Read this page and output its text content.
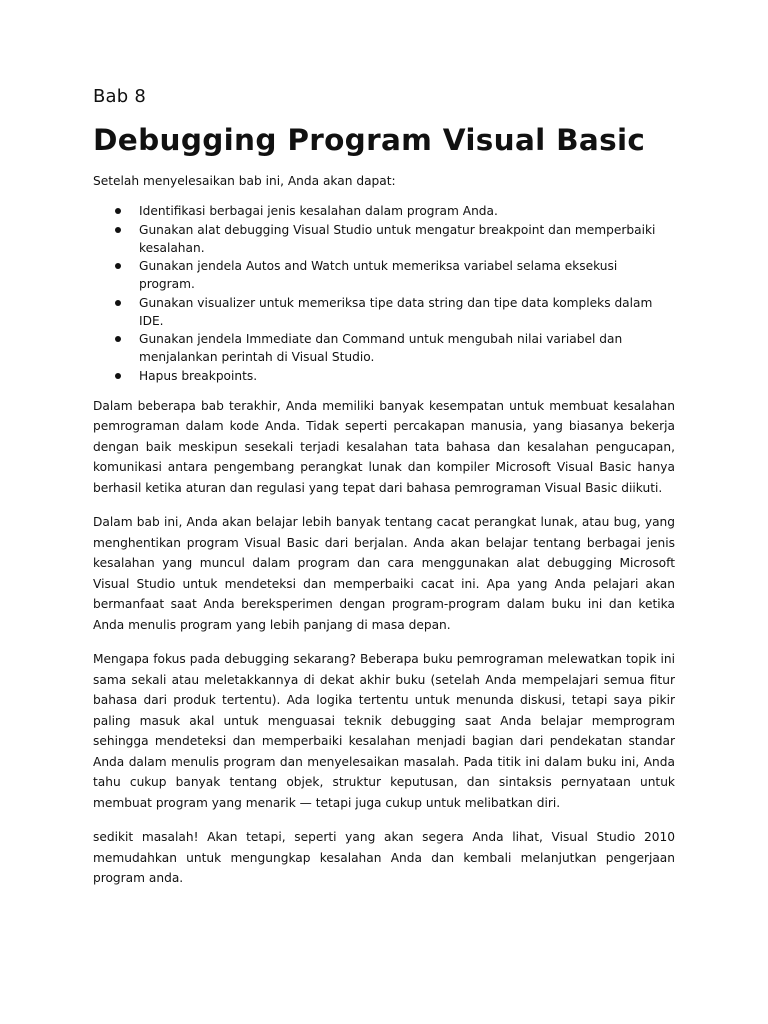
Bab 8

Debugging Program Visual Basic

Setelah menyelesaikan bab ini, Anda akan dapat:

Identifikasi berbagai jenis kesalahan dalam program Anda.
Gunakan alat debugging Visual Studio untuk mengatur breakpoint dan memperbaiki kesalahan.
Gunakan jendela Autos and Watch untuk memeriksa variabel selama eksekusi program.
Gunakan visualizer untuk memeriksa tipe data string dan tipe data kompleks dalam IDE.
Gunakan jendela Immediate dan Command untuk mengubah nilai variabel dan menjalankan perintah di Visual Studio.
Hapus breakpoints.

Dalam beberapa bab terakhir, Anda memiliki banyak kesempatan untuk membuat kesalahan pemrograman dalam kode Anda. Tidak seperti percakapan manusia, yang biasanya bekerja dengan baik meskipun sesekali terjadi kesalahan tata bahasa dan kesalahan pengucapan, komunikasi antara pengembang perangkat lunak dan kompiler Microsoft Visual Basic hanya berhasil ketika aturan dan regulasi yang tepat dari bahasa pemrograman Visual Basic diikuti.

Dalam bab ini, Anda akan belajar lebih banyak tentang cacat perangkat lunak, atau bug, yang menghentikan program Visual Basic dari berjalan. Anda akan belajar tentang berbagai jenis kesalahan yang muncul dalam program dan cara menggunakan alat debugging Microsoft Visual Studio untuk mendeteksi dan memperbaiki cacat ini. Apa yang Anda pelajari akan bermanfaat saat Anda bereksperimen dengan program-program dalam buku ini dan ketika Anda menulis program yang lebih panjang di masa depan.

Mengapa fokus pada debugging sekarang? Beberapa buku pemrograman melewatkan topik ini sama sekali atau meletakkannya di dekat akhir buku (setelah Anda mempelajari semua fitur bahasa dari produk tertentu). Ada logika tertentu untuk menunda diskusi, tetapi saya pikir paling masuk akal untuk menguasai teknik debugging saat Anda belajar memprogram sehingga mendeteksi dan memperbaiki kesalahan menjadi bagian dari pendekatan standar Anda dalam menulis program dan menyelesaikan masalah. Pada titik ini dalam buku ini, Anda tahu cukup banyak tentang objek, struktur keputusan, dan sintaksis pernyataan untuk membuat program yang menarik — tetapi juga cukup untuk melibatkan diri.

sedikit masalah! Akan tetapi, seperti yang akan segera Anda lihat, Visual Studio 2010 memudahkan untuk mengungkap kesalahan Anda dan kembali melanjutkan pengerjaan program anda.
